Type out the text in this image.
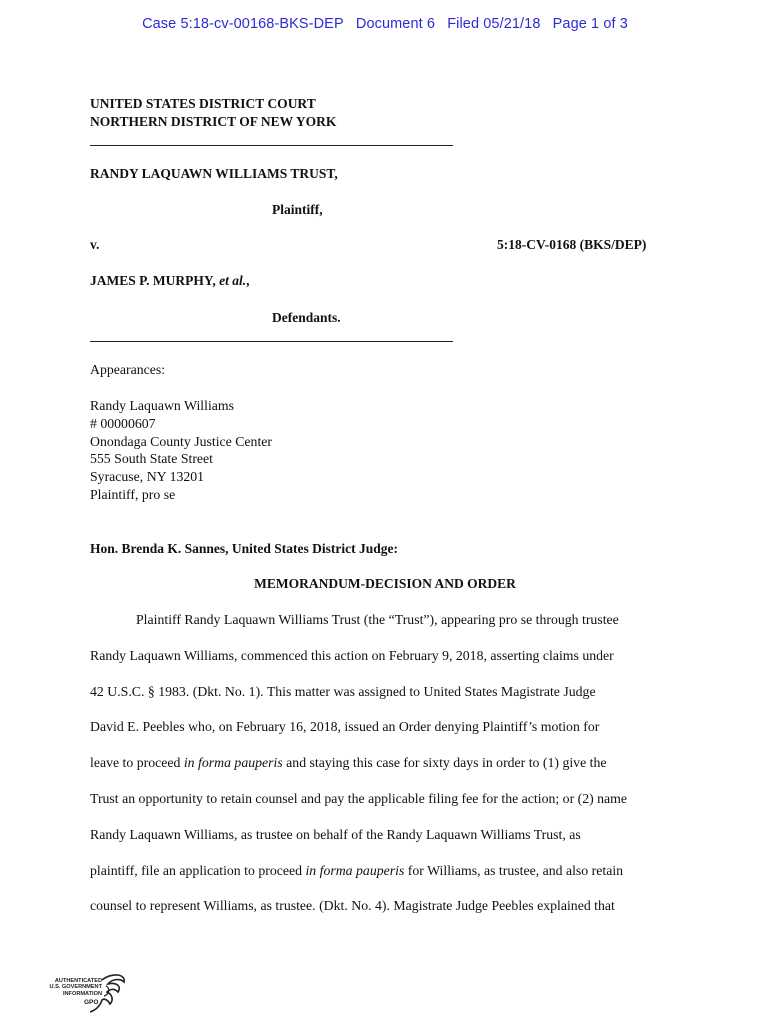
Case 5:18-cv-00168-BKS-DEP Document 6 Filed 05/21/18 Page 1 of 3
UNITED STATES DISTRICT COURT
NORTHERN DISTRICT OF NEW YORK
RANDY LAQUAWN WILLIAMS TRUST,
Plaintiff,
v.	5:18-CV-0168 (BKS/DEP)
JAMES P. MURPHY, et al.,
Defendants.
Appearances:
Randy Laquawn Williams
# 00000607
Onondaga County Justice Center
555 South State Street
Syracuse, NY 13201
Plaintiff, pro se
Hon. Brenda K. Sannes, United States District Judge:
MEMORANDUM-DECISION AND ORDER
Plaintiff Randy Laquawn Williams Trust (the “Trust”), appearing pro se through trustee
Randy Laquawn Williams, commenced this action on February 9, 2018, asserting claims under
42 U.S.C. § 1983. (Dkt. No. 1). This matter was assigned to United States Magistrate Judge
David E. Peebles who, on February 16, 2018, issued an Order denying Plaintiff’s motion for
leave to proceed in forma pauperis and staying this case for sixty days in order to (1) give the
Trust an opportunity to retain counsel and pay the applicable filing fee for the action; or (2) name
Randy Laquawn Williams, as trustee on behalf of the Randy Laquawn Williams Trust, as
plaintiff, file an application to proceed in forma pauperis for Williams, as trustee, and also retain
counsel to represent Williams, as trustee. (Dkt. No. 4). Magistrate Judge Peebles explained that
AUTHENTICATED
U.S. GOVERNMENT
INFORMATION
GPO
